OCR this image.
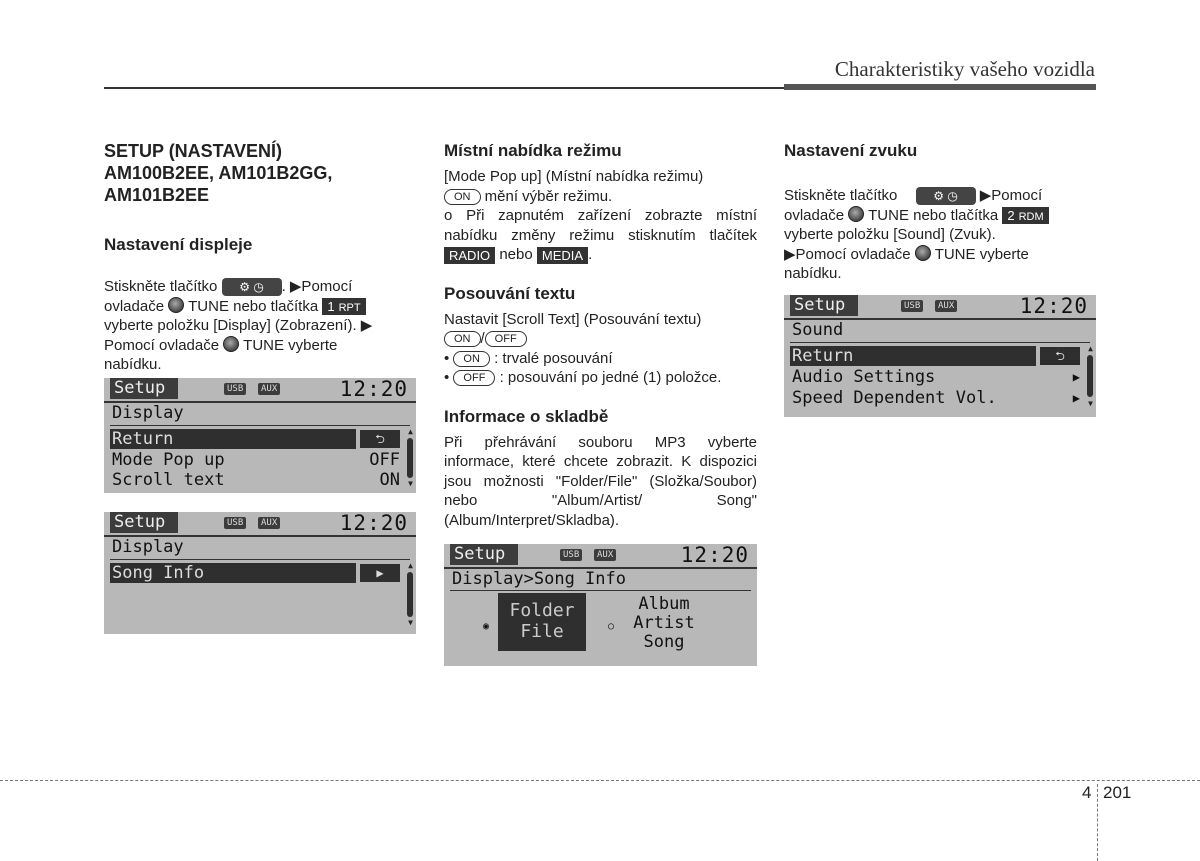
Charakteristiky vašeho vozidla
SETUP (NASTAVENÍ)
AM100B2EE, AM101B2GG,
AM101B2EE
Nastavení displeje

Stiskněte tlačítko ⚙ ◷ . ▶Pomocí
ovladače TUNE nebo tlačítka 1 RPT
vyberte položku [Display] (Zobrazení). ▶
Pomocí ovladače TUNE vyberte
nabídku.

Setup	USB	AUX	12:20
Display
Return	⮌
Mode Pop up	OFF
Scroll text	ON
▲
▼
Setup	USB	AUX	12:20
Display
Song Info	▶
▲
▼
Místní nabídka režimu

[Mode Pop up] (Místní nabídka režimu)
ON mění výběr režimu.

o Při zapnutém zařízení zobrazte místní nabídku změny režimu stisknutím tlačítek RADIO nebo MEDIA .

Posouvání textu

Nastavit [Scroll Text] (Posouvání textu)
ON / OFF
• ON : trvalé posouvání
• OFF : posouvání po jedné (1) položce.

Informace o skladbě

Při přehrávání souboru MP3 vyberte informace, které chcete zobrazit. K dispozici jsou možnosti "Folder/File" (Složka/Soubor) nebo "Album/Artist/ Song" (Album/Interpret/Skladba).

Setup	USB	AUX	12:20
Display>Song Info
◉
Folder
File	○
Album
Artist
Song
Nastavení zvuku

Stiskněte tlačítko	⚙ ◷ ▶Pomocí
ovladače TUNE nebo tlačítka 2 RDM
vyberte položku [Sound] (Zvuk).
▶Pomocí ovladače TUNE vyberte
nabídku.

Setup	USB	AUX	12:20
Sound
Return	⮌
Audio Settings	▶
Speed Dependent Vol.	▶
▲
▼
4 201
